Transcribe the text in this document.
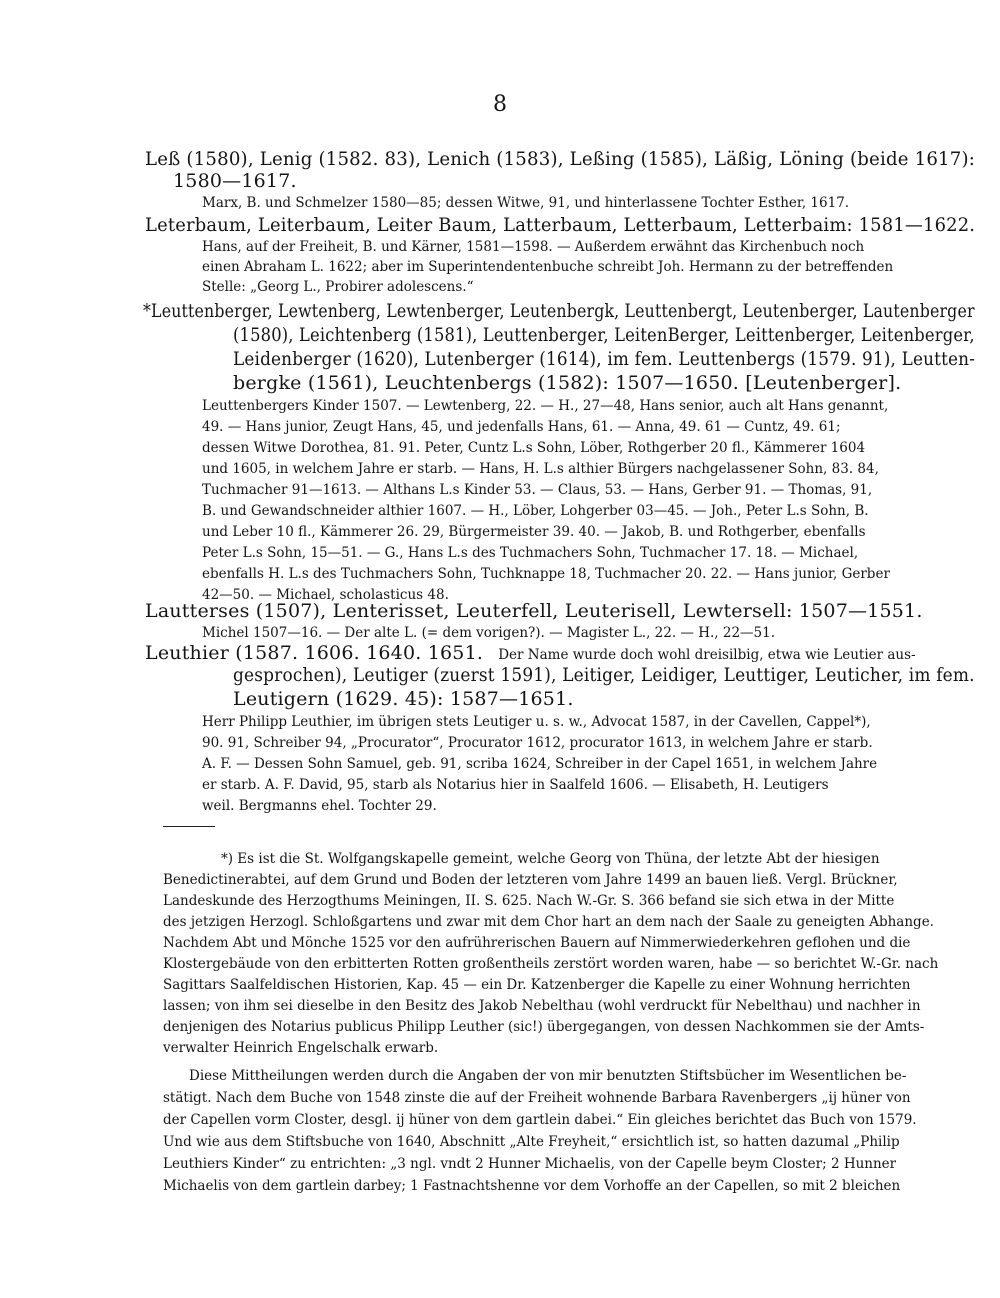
8
Leß (1580), Lenig (1582. 83), Lenich (1583), Leßing (1585), Läßig, Löning (beide 1617):
1580—1617.
Marx, B. und Schmelzer 1580—85; dessen Witwe, 91, und hinterlassene Tochter Esther, 1617.
Leterbaum, Leiterbaum, Leiter Baum, Latterbaum, Letterbaum, Letterbaim: 1581—1622.
Hans, auf der Freiheit, B. und Kärner, 1581—1598. — Außerdem erwähnt das Kirchenbuch noch
einen Abraham L. 1622; aber im Superintendentenbuche schreibt Joh. Hermann zu der betreffenden
Stelle: „Georg L., Probirer adolescens.“
*Leuttenberger, Lewtenberg, Lewtenberger, Leutenbergk, Leuttenbergt, Leutenberger, Lautenberger
(1580), Leichtenberg (1581), Leuttenberger, LeitenBerger, Leittenberger, Leitenberger,
Leidenberger (1620), Lutenberger (1614), im fem. Leuttenbergs (1579. 91), Leutten-
bergke (1561), Leuchtenbergs (1582): 1507—1650. [Leutenberger].
Leuttenbergers Kinder 1507. — Lewtenberg, 22. — H., 27—48, Hans senior, auch alt Hans genannt,
49. — Hans junior, Zeugt Hans, 45, und jedenfalls Hans, 61. — Anna, 49. 61 — Cuntz, 49. 61;
dessen Witwe Dorothea, 81. 91. Peter, Cuntz L.s Sohn, Löber, Rothgerber 20 fl., Kämmerer 1604
und 1605, in welchem Jahre er starb. — Hans, H. L.s althier Bürgers nachgelassener Sohn, 83. 84,
Tuchmacher 91—1613. — Althans L.s Kinder 53. — Claus, 53. — Hans, Gerber 91. — Thomas, 91,
B. und Gewandschneider althier 1607. — H., Löber, Lohgerber 03—45. — Joh., Peter L.s Sohn, B.
und Leber 10 fl., Kämmerer 26. 29, Bürgermeister 39. 40. — Jakob, B. und Rothgerber, ebenfalls
Peter L.s Sohn, 15—51. — G., Hans L.s des Tuchmachers Sohn, Tuchmacher 17. 18. — Michael,
ebenfalls H. L.s des Tuchmachers Sohn, Tuchknappe 18, Tuchmacher 20. 22. — Hans junior, Gerber
42—50. — Michael, scholasticus 48.
Lautterses (1507), Lenterisset, Leuterfell, Leuterisell, Lewtersell: 1507—1551.
Michel 1507—16. — Der alte L. (= dem vorigen?). — Magister L., 22. — H., 22—51.
Leuthier (1587. 1606. 1640. 1651. Der Name wurde doch wohl dreisilbig, etwa wie Leutier aus-
gesprochen), Leutiger (zuerst 1591), Leitiger, Leidiger, Leuttiger, Leuticher, im fem.
Leutigern (1629. 45): 1587—1651.
Herr Philipp Leuthier, im übrigen stets Leutiger u. s. w., Advocat 1587, in der Cavellen, Cappel*),
90. 91, Schreiber 94, „Procurator“, Procurator 1612, procurator 1613, in welchem Jahre er starb.
A. F. — Dessen Sohn Samuel, geb. 91, scriba 1624, Schreiber in der Capel 1651, in welchem Jahre
er starb. A. F. David, 95, starb als Notarius hier in Saalfeld 1606. — Elisabeth, H. Leutigers
weil. Bergmanns ehel. Tochter 29.
*) Es ist die St. Wolfgangskapelle gemeint, welche Georg von Thüna, der letzte Abt der hiesigen
Benedictinerabtei, auf dem Grund und Boden der letzteren vom Jahre 1499 an bauen ließ. Vergl. Brückner,
Landeskunde des Herzogthums Meiningen, II. S. 625. Nach W.-Gr. S. 366 befand sie sich etwa in der Mitte
des jetzigen Herzogl. Schloßgartens und zwar mit dem Chor hart an dem nach der Saale zu geneigten Abhange.
Nachdem Abt und Mönche 1525 vor den aufrührerischen Bauern auf Nimmerwiederkehren geflohen und die
Klostergebäude von den erbitterten Rotten großentheils zerstört worden waren, habe — so berichtet W.-Gr. nach
Sagittars Saalfeldischen Historien, Kap. 45 — ein Dr. Katzenberger die Kapelle zu einer Wohnung herrichten
lassen; von ihm sei dieselbe in den Besitz des Jakob Nebelthau (wohl verdruckt für Nebelthau) und nachher in
denjenigen des Notarius publicus Philipp Leuther (sic!) übergegangen, von dessen Nachkommen sie der Amts-
verwalter Heinrich Engelschalk erwarb.
Diese Mittheilungen werden durch die Angaben der von mir benutzten Stiftsbücher im Wesentlichen be-
stätigt. Nach dem Buche von 1548 zinste die auf der Freiheit wohnende Barbara Ravenbergers „ij hüner von
der Capellen vorm Closter, desgl. ij hüner von dem gartlein dabei.“ Ein gleiches berichtet das Buch von 1579.
Und wie aus dem Stiftsbuche von 1640, Abschnitt „Alte Freyheit,“ ersichtlich ist, so hatten dazumal „Philip
Leuthiers Kinder“ zu entrichten: „3 ngl. vndt 2 Hunner Michaelis, von der Capelle beym Closter; 2 Hunner
Michaelis von dem gartlein darbey; 1 Fastnachtshenne vor dem Vorhoffe an der Capellen, so mit 2 bleichen
